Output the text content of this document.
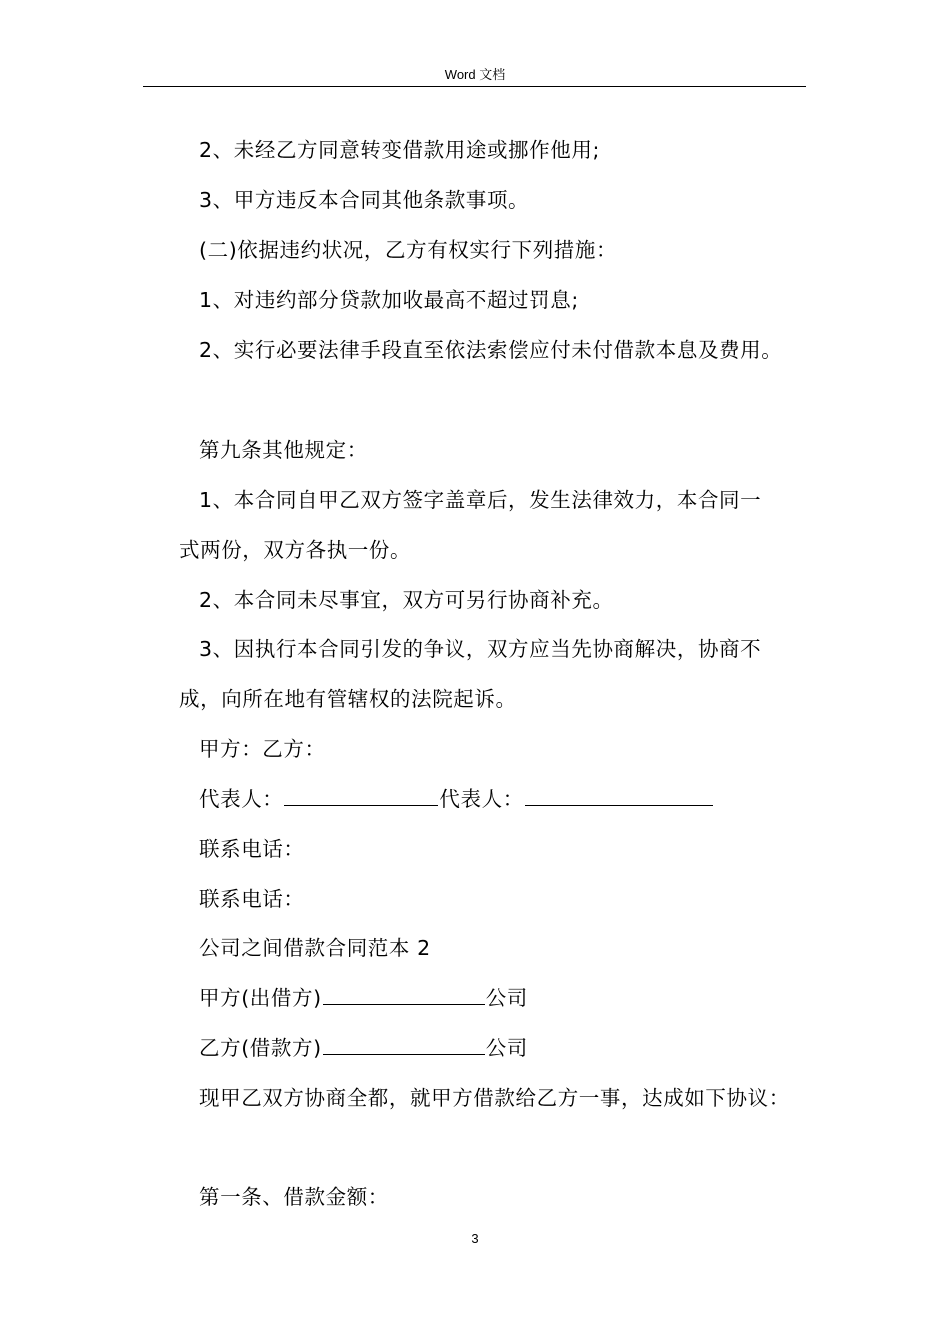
Word 文档
2、未经乙方同意转变借款用途或挪作他用;
3、甲方违反本合同其他条款事项。
(二)依据违约状况，乙方有权实行下列措施：
1、对违约部分贷款加收最高不超过罚息;
2、实行必要法律手段直至依法索偿应付未付借款本息及费用。
第九条其他规定：
1、本合同自甲乙双方签字盖章后，发生法律效力，本合同一
式两份，双方各执一份。
2、本合同未尽事宜，双方可另行协商补充。
3、因执行本合同引发的争议，双方应当先协商解决，协商不
成，向所在地有管辖权的法院起诉。
甲方：乙方：
代表人：	代表人：
联系电话：
联系电话：
公司之间借款合同范本 2
甲方(出借方)	公司
乙方(借款方)	公司
现甲乙双方协商全都，就甲方借款给乙方一事，达成如下协议：
第一条、借款金额：
3
